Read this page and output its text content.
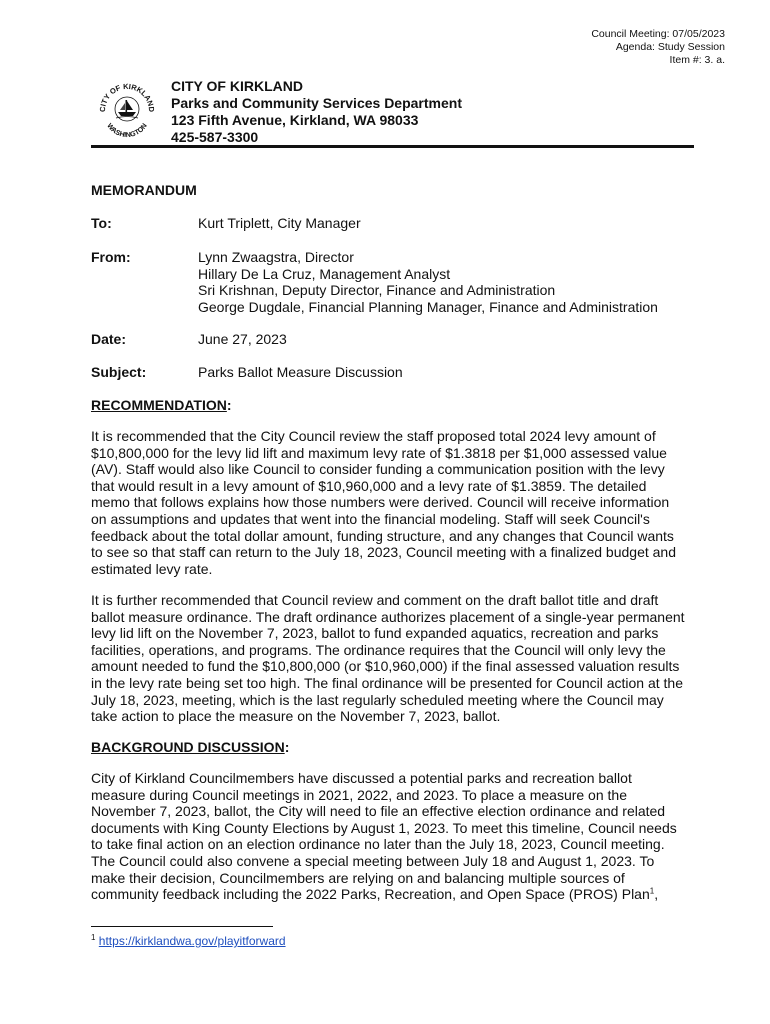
Council Meeting: 07/05/2023
Agenda: Study Session
Item #: 3. a.
CITY OF KIRKLAND
WASHINGTON
CITY OF KIRKLAND
Parks and Community Services Department
123 Fifth Avenue, Kirkland, WA 98033
425-587-3300
MEMORANDUM
To:	Kurt Triplett, City Manager
From:	Lynn Zwaagstra, Director
Hillary De La Cruz, Management Analyst
Sri Krishnan, Deputy Director, Finance and Administration
George Dugdale, Financial Planning Manager, Finance and Administration
Date:	June 27, 2023
Subject:	Parks Ballot Measure Discussion
RECOMMENDATION:
It is recommended that the City Council review the staff proposed total 2024 levy amount of
$10,800,000 for the levy lid lift and maximum levy rate of $1.3818 per $1,000 assessed value
(AV). Staff would also like Council to consider funding a communication position with the levy
that would result in a levy amount of $10,960,000 and a levy rate of $1.3859. The detailed
memo that follows explains how those numbers were derived. Council will receive information
on assumptions and updates that went into the financial modeling. Staff will seek Council's
feedback about the total dollar amount, funding structure, and any changes that Council wants
to see so that staff can return to the July 18, 2023, Council meeting with a finalized budget and
estimated levy rate.
It is further recommended that Council review and comment on the draft ballot title and draft
ballot measure ordinance. The draft ordinance authorizes placement of a single-year permanent
levy lid lift on the November 7, 2023, ballot to fund expanded aquatics, recreation and parks
facilities, operations, and programs. The ordinance requires that the Council will only levy the
amount needed to fund the $10,800,000 (or $10,960,000) if the final assessed valuation results
in the levy rate being set too high. The final ordinance will be presented for Council action at the
July 18, 2023, meeting, which is the last regularly scheduled meeting where the Council may
take action to place the measure on the November 7, 2023, ballot.
BACKGROUND DISCUSSION:
City of Kirkland Councilmembers have discussed a potential parks and recreation ballot
measure during Council meetings in 2021, 2022, and 2023. To place a measure on the
November 7, 2023, ballot, the City will need to file an effective election ordinance and related
documents with King County Elections by August 1, 2023. To meet this timeline, Council needs
to take final action on an election ordinance no later than the July 18, 2023, Council meeting.
The Council could also convene a special meeting between July 18 and August 1, 2023. To
make their decision, Councilmembers are relying on and balancing multiple sources of
community feedback including the 2022 Parks, Recreation, and Open Space (PROS) Plan$^1$,
$^1$ https://kirklandwa.gov/playitforward
